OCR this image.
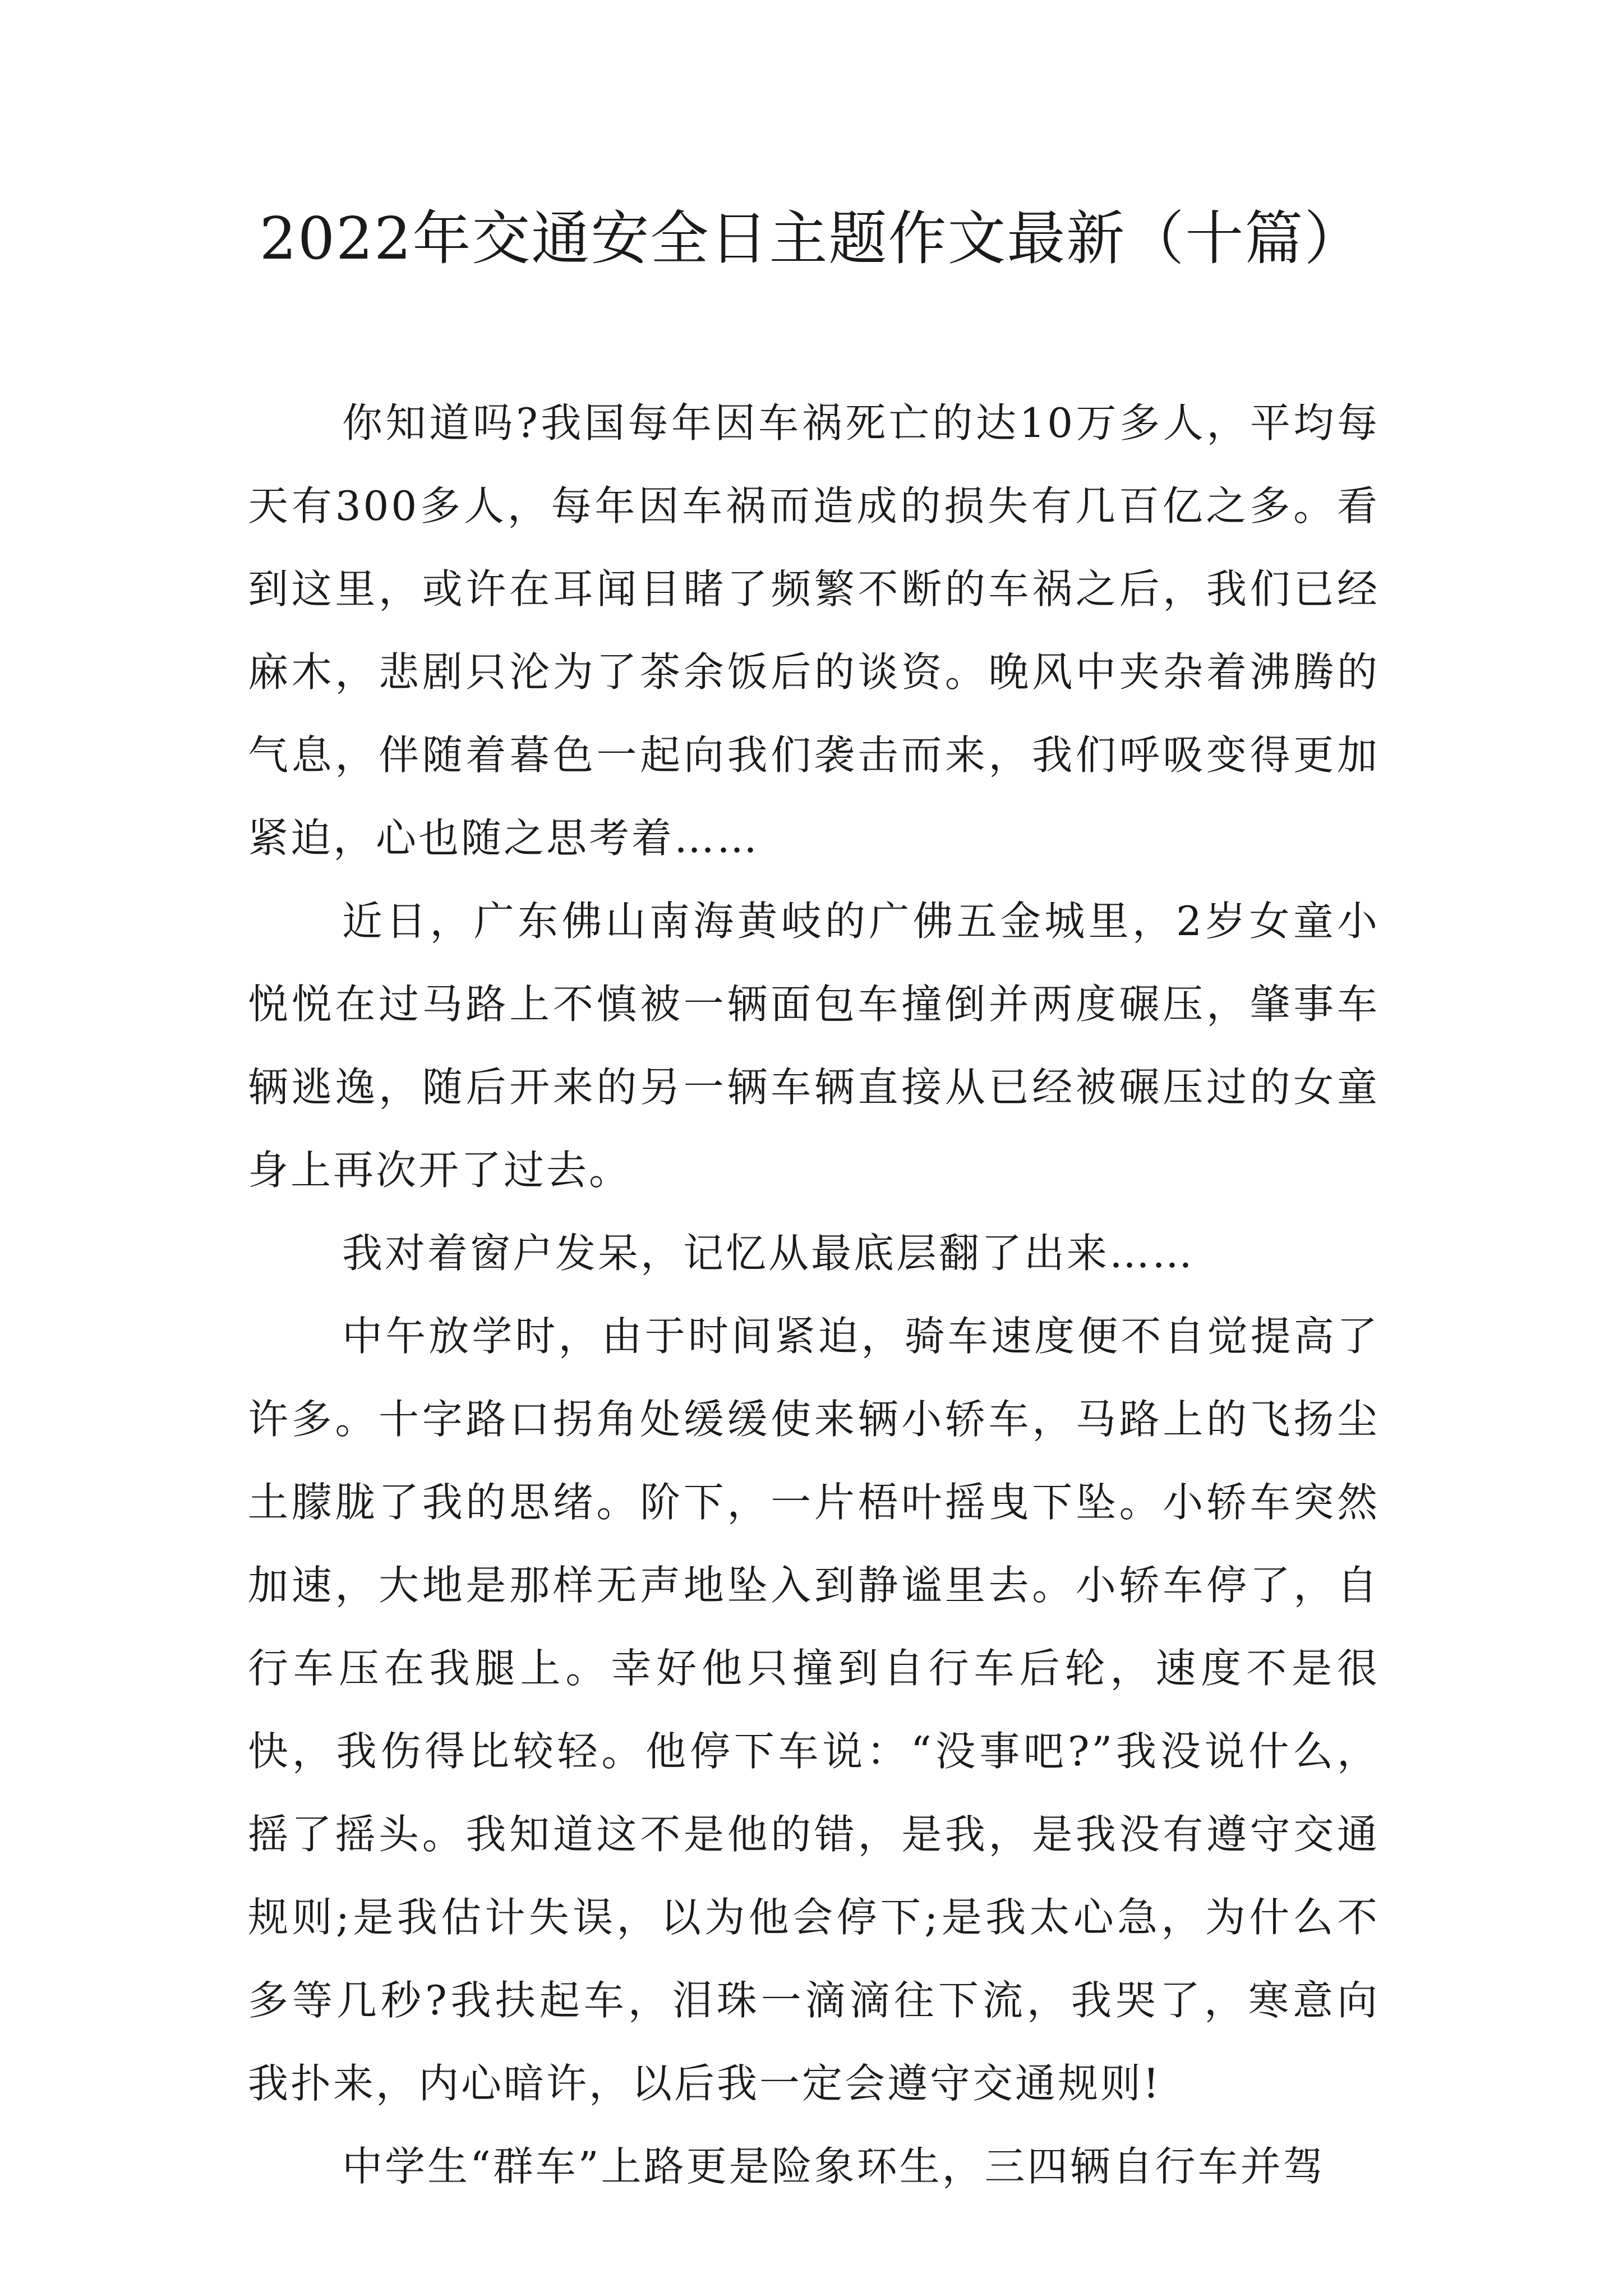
2022年交通安全日主题作文最新（十篇）

你知道吗?我国每年因车祸死亡的达10万多人，平均每天有300多人，每年因车祸而造成的损失有几百亿之多。看到这里，或许在耳闻目睹了频繁不断的车祸之后，我们已经麻木，悲剧只沦为了茶余饭后的谈资。晚风中夹杂着沸腾的气息，伴随着暮色一起向我们袭击而来，我们呼吸变得更加紧迫，心也随之思考着……

近日，广东佛山南海黄岐的广佛五金城里，2岁女童小悦悦在过马路上不慎被一辆面包车撞倒并两度碾压，肇事车辆逃逸，随后开来的另一辆车辆直接从已经被碾压过的女童身上再次开了过去。

我对着窗户发呆，记忆从最底层翻了出来……

中午放学时，由于时间紧迫，骑车速度便不自觉提高了许多。十字路口拐角处缓缓使来辆小轿车，马路上的飞扬尘土朦胧了我的思绪。阶下，一片梧叶摇曳下坠。小轿车突然加速，大地是那样无声地坠入到静谧里去。小轿车停了，自行车压在我腿上。幸好他只撞到自行车后轮，速度不是很快，我伤得比较轻。他停下车说：“没事吧?”我没说什么，摇了摇头。我知道这不是他的错，是我，是我没有遵守交通规则;是我估计失误，以为他会停下;是我太心急，为什么不多等几秒?我扶起车，泪珠一滴滴往下流，我哭了，寒意向我扑来，内心暗许，以后我一定会遵守交通规则!

中学生“群车”上路更是险象环生，三四辆自行车并驾
